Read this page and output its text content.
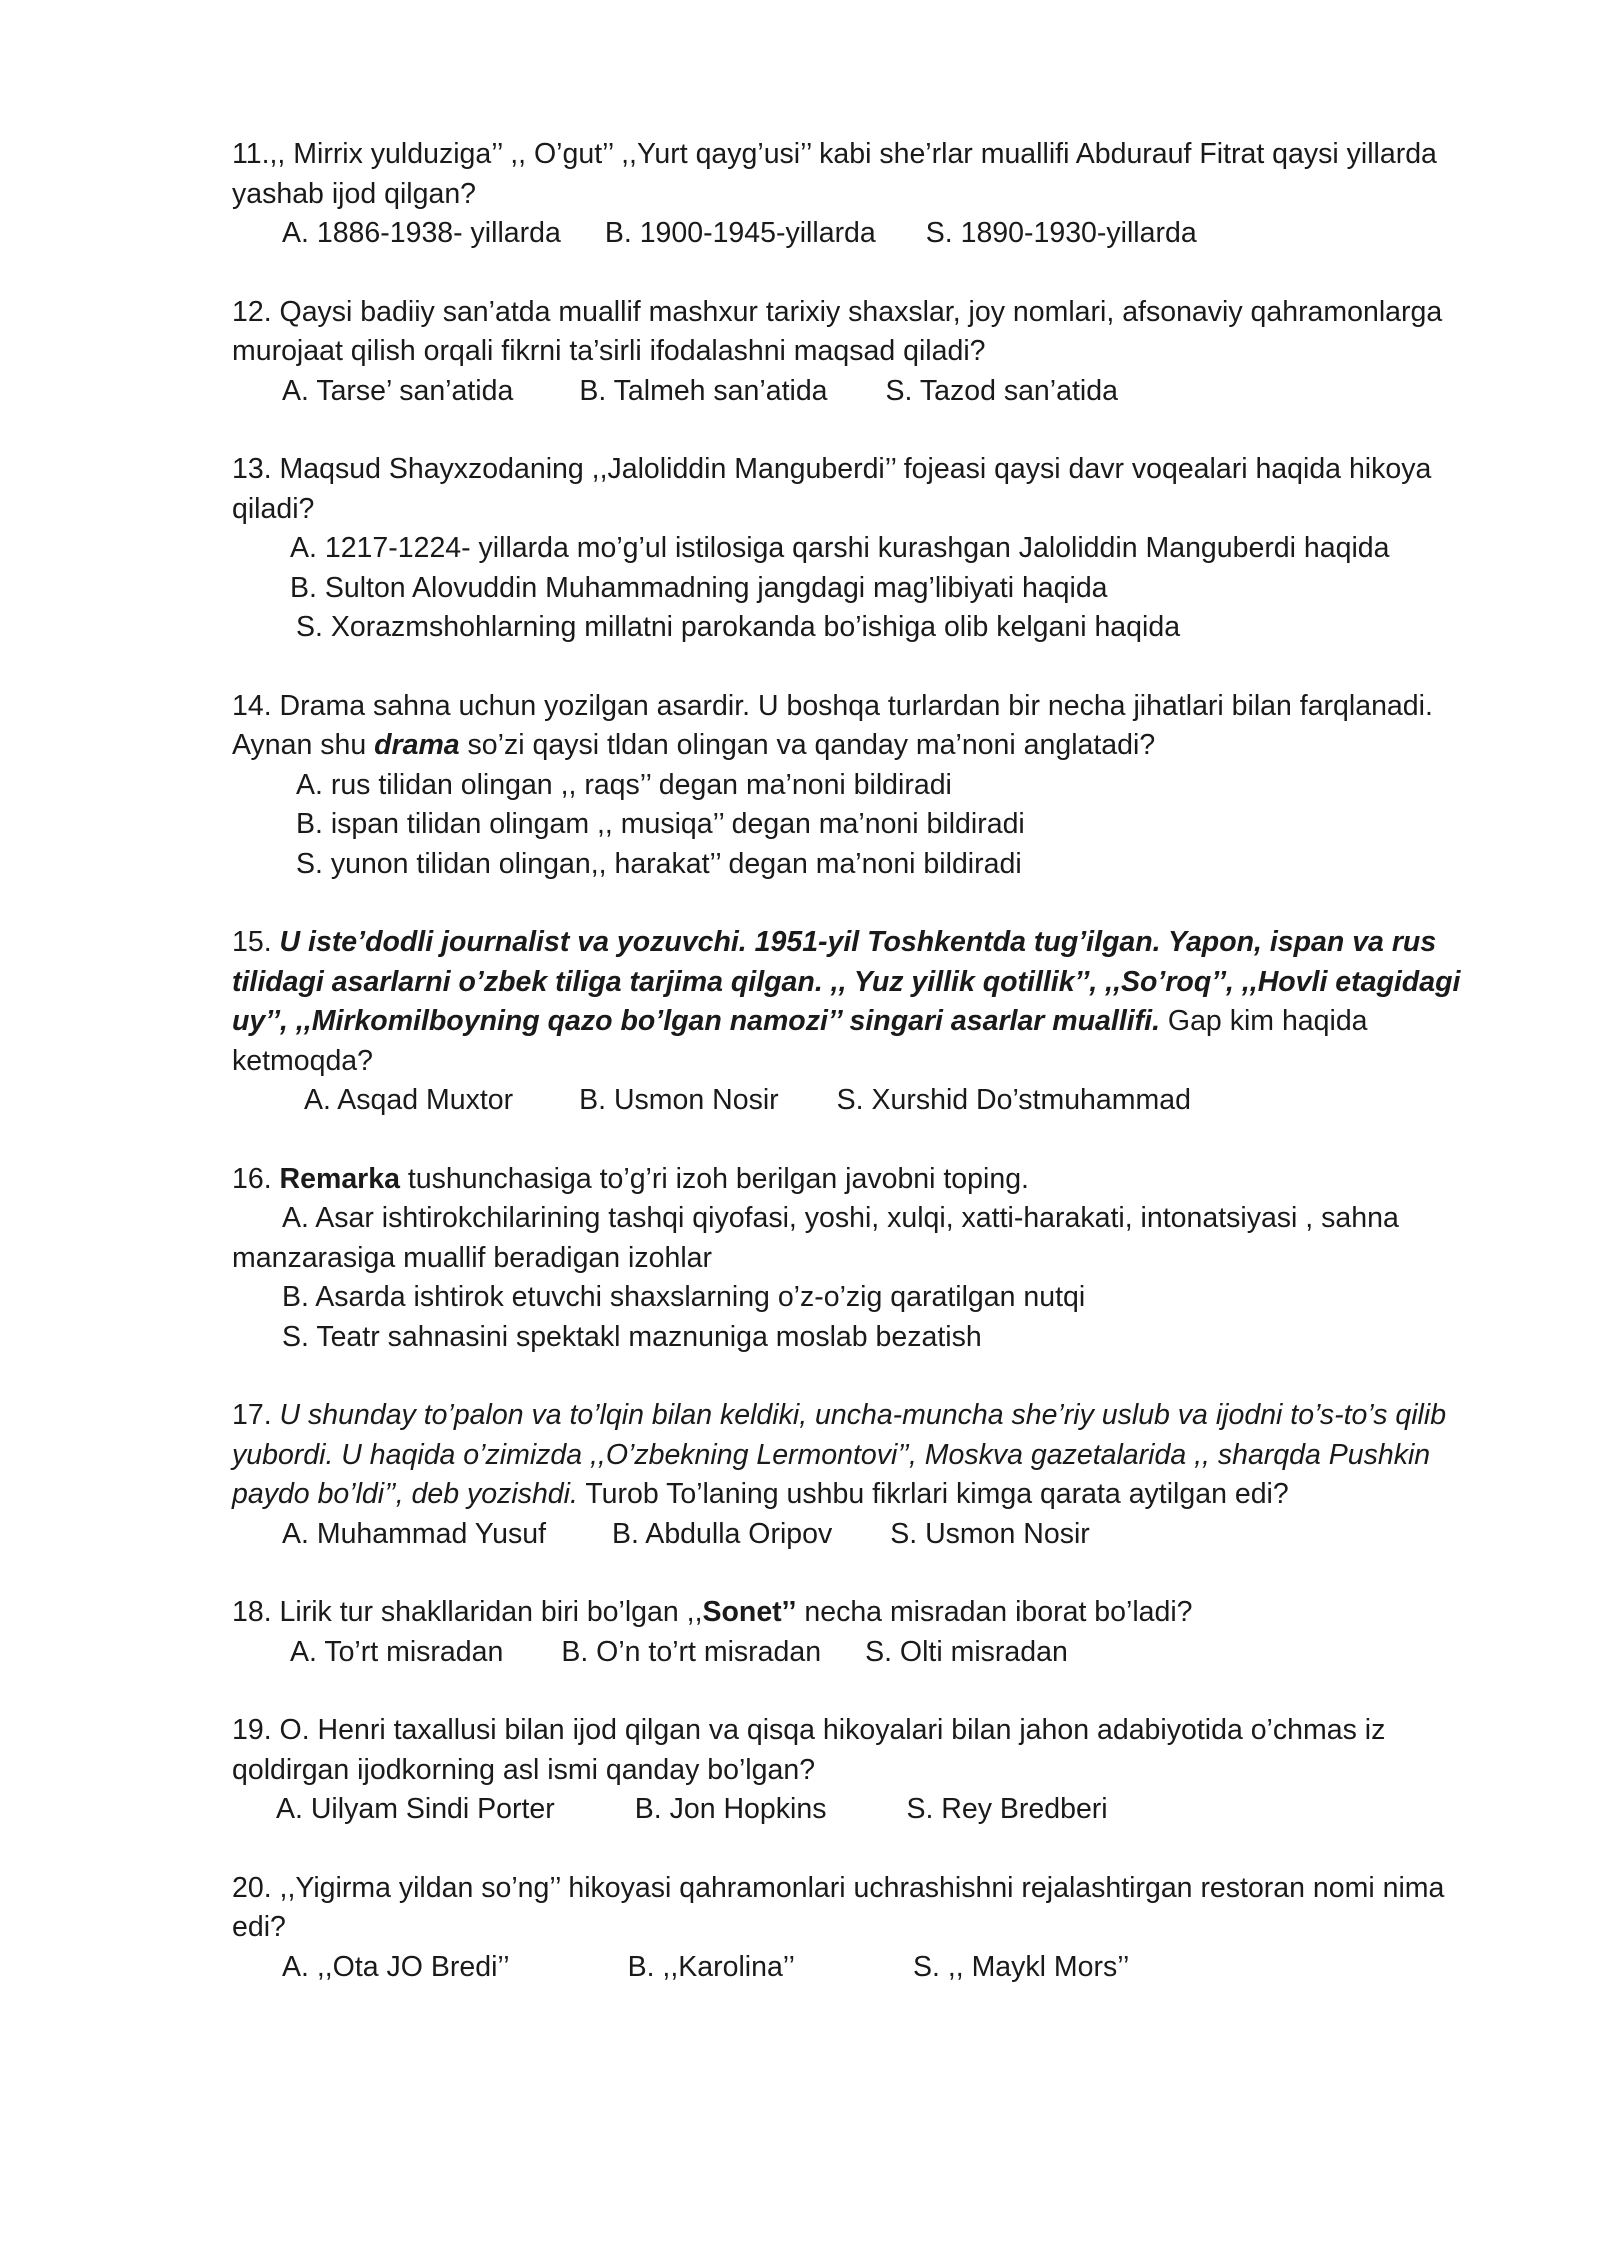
11.,, Mirrix yulduziga’’ ,, O’gut’’ ,,Yurt qayg’usi’’ kabi she’rlar muallifi Abdurauf Fitrat qaysi yillarda yashab ijod qilgan?
A. 1886-1938- yillarda B. 1900-1945-yillarda S. 1890-1930-yillarda
12. Qaysi badiiy san’atda muallif mashxur tarixiy shaxslar, joy nomlari, afsonaviy qahramonlarga murojaat qilish orqali fikrni ta’sirli ifodalashni maqsad qiladi?
A. Tarse’ san’atida B. Talmeh san’atida S. Tazod san’atida
13. Maqsud Shayxzodaning ,,Jaloliddin Manguberdi’’ fojeasi qaysi davr voqealari haqida hikoya qiladi?
A. 1217-1224- yillarda mo’g’ul istilosiga qarshi kurashgan Jaloliddin Manguberdi haqida
B. Sulton Alovuddin Muhammadning jangdagi mag’libiyati haqida
S. Xorazmshohlarning millatni parokanda bo’ishiga olib kelgani haqida
14. Drama sahna uchun yozilgan asardir. U boshqa turlardan bir necha jihatlari bilan farqlanadi. Aynan shu drama so’zi qaysi tldan olingan va qanday ma’noni anglatadi?
A. rus tilidan olingan ,, raqs’’ degan ma’noni bildiradi
B. ispan tilidan olingam ,, musiqa’’ degan ma’noni bildiradi
S. yunon tilidan olingan,, harakat’’ degan ma’noni bildiradi
15. U iste’dodli journalist va yozuvchi. 1951-yil Toshkentda tug’ilgan. Yapon, ispan va rus tilidagi asarlarni o’zbek tiliga tarjima qilgan. ,, Yuz yillik qotillik’’, ,,So’roq’’, ,,Hovli etagidagi uy’’, ,,Mirkomilboyning qazo bo’lgan namozi’’ singari asarlar muallifi. Gap kim haqida ketmoqda?
A. Asqad Muxtor B. Usmon Nosir S. Xurshid Do’stmuhammad
16. Remarka tushunchasiga to’g’ri izoh berilgan javobni toping.
A. Asar ishtirokchilarining tashqi qiyofasi, yoshi, xulqi, xatti-harakati, intonatsiyasi , sahna manzarasiga muallif beradigan izohlar
B. Asarda ishtirok etuvchi shaxslarning o’z-o’zig qaratilgan nutqi
S. Teatr sahnasini spektakl maznuniga moslab bezatish
17. U shunday to’palon va to’lqin bilan keldiki, uncha-muncha she’riy uslub va ijodni to’s-to’s qilib yubordi. U haqida o’zimizda ,,O’zbekning Lermontovi’’, Moskva gazetalarida ,, sharqda Pushkin paydo bo’ldi’’, deb yozishdi. Turob To’laning ushbu fikrlari kimga qarata aytilgan edi?
A. Muhammad Yusuf B. Abdulla Oripov S. Usmon Nosir
18. Lirik tur shakllaridan biri bo’lgan ,,Sonet’’ necha misradan iborat bo’ladi?
A. To’rt misradan B. O’n to’rt misradan S. Olti misradan
19. O. Henri taxallusi bilan ijod qilgan va qisqa hikoyalari bilan jahon adabiyotida o’chmas iz qoldirgan ijodkorning asl ismi qanday bo’lgan?
A. Uilyam Sindi Porter	B. Jon Hopkins	S. Rey Bredberi
20. ,,Yigirma yildan so’ng’’ hikoyasi qahramonlari uchrashishni rejalashtirgan restoran nomi nima edi?
A. ,,Ota JO Bredi’’	B. ,,Karolina’’	S. ,, Maykl Mors’’
